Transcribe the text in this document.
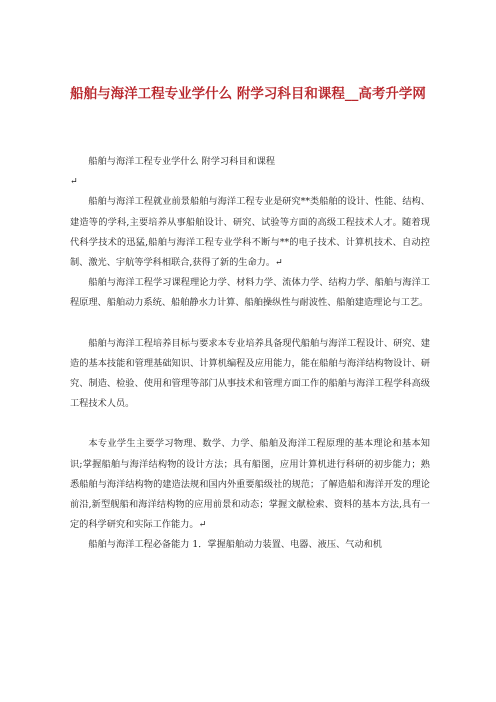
船舶与海洋工程专业学什么 附学习科目和课程__高考升学网

船舶与海洋工程专业学什么 附学习科目和课程

↵

船舶与海洋工程就业前景船舶与海洋工程专业是研究**类船舶的设计、性能、结构、建造等的学科,主要培养从事船舶设计、研究、试验等方面的高级工程技术人才。随着现代科学技术的迅猛,船舶与海洋工程专业学科不断与**的电子技术、计算机技术、自动控制、激光、宇航等学科相联合,获得了新的生命力。↵

船舶与海洋工程学习课程理论力学、材料力学、流体力学、结构力学、船舶与海洋工程原理、船舶动力系统、船舶静水力计算、船舶操纵性与耐波性、船舶建造理论与工艺。

船舶与海洋工程培养目标与要求本专业培养具备现代船舶与海洋工程设计、研究、建造的基本技能和管理基础知识、计算机编程及应用能力，能在船舶与海洋结构物设计、研究、制造、检验、使用和管理等部门从事技术和管理方面工作的船舶与海洋工程学科高级工程技术人员。

本专业学生主要学习物理、数学、力学、船舶及海洋工程原理的基本理论和基本知识;掌握船舶与海洋结构物的设计方法；具有船图，应用计算机进行科研的初步能力；熟悉船舶与海洋结构物的建造法规和国内外重要船级社的规范；了解造船和海洋开发的理论前沿,新型舰船和海洋结构物的应用前景和动态；掌握文献检索、资料的基本方法,具有一定的科学研究和实际工作能力。↵

船舶与海洋工程必备能力 1．掌握船舶动力装置、电器、液压、气动和机
